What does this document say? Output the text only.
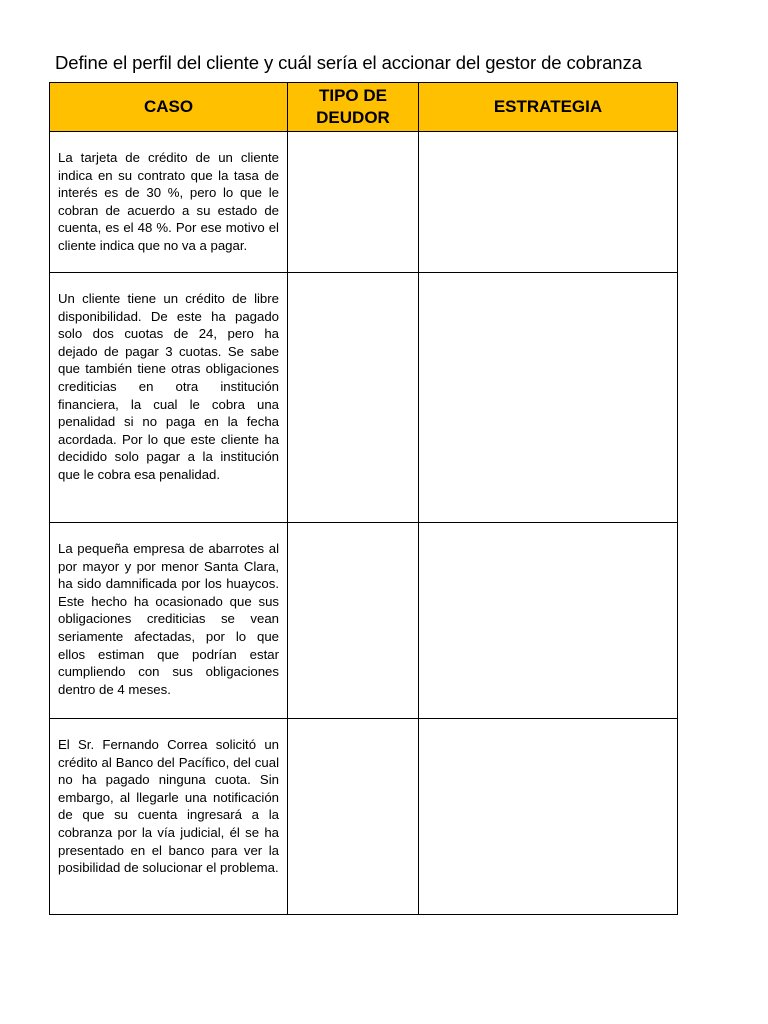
Define el perfil del cliente y cuál sería el accionar del gestor de cobranza
CASO	TIPO DE DEUDOR	ESTRATEGIA
La tarjeta de crédito de un cliente indica en su contrato que la tasa de interés es de 30 %, pero lo que le cobran de acuerdo a su estado de cuenta, es el 48 %. Por ese motivo el cliente indica que no va a pagar.		
Un cliente tiene un crédito de libre disponibilidad. De este ha pagado solo dos cuotas de 24, pero ha dejado de pagar 3 cuotas. Se sabe que también tiene otras obligaciones crediticias en otra institución financiera, la cual le cobra una penalidad si no paga en la fecha acordada. Por lo que este cliente ha decidido solo pagar a la institución que le cobra esa penalidad.		
La pequeña empresa de abarrotes al por mayor y por menor Santa Clara, ha sido damnificada por los huaycos. Este hecho ha ocasionado que sus obligaciones crediticias se vean seriamente afectadas, por lo que ellos estiman que podrían estar cumpliendo con sus obligaciones dentro de 4 meses.		
El Sr. Fernando Correa solicitó un crédito al Banco del Pacífico, del cual no ha pagado ninguna cuota. Sin embargo, al llegarle una notificación de que su cuenta ingresará a la cobranza por la vía judicial, él se ha presentado en el banco para ver la posibilidad de solucionar el problema.		
